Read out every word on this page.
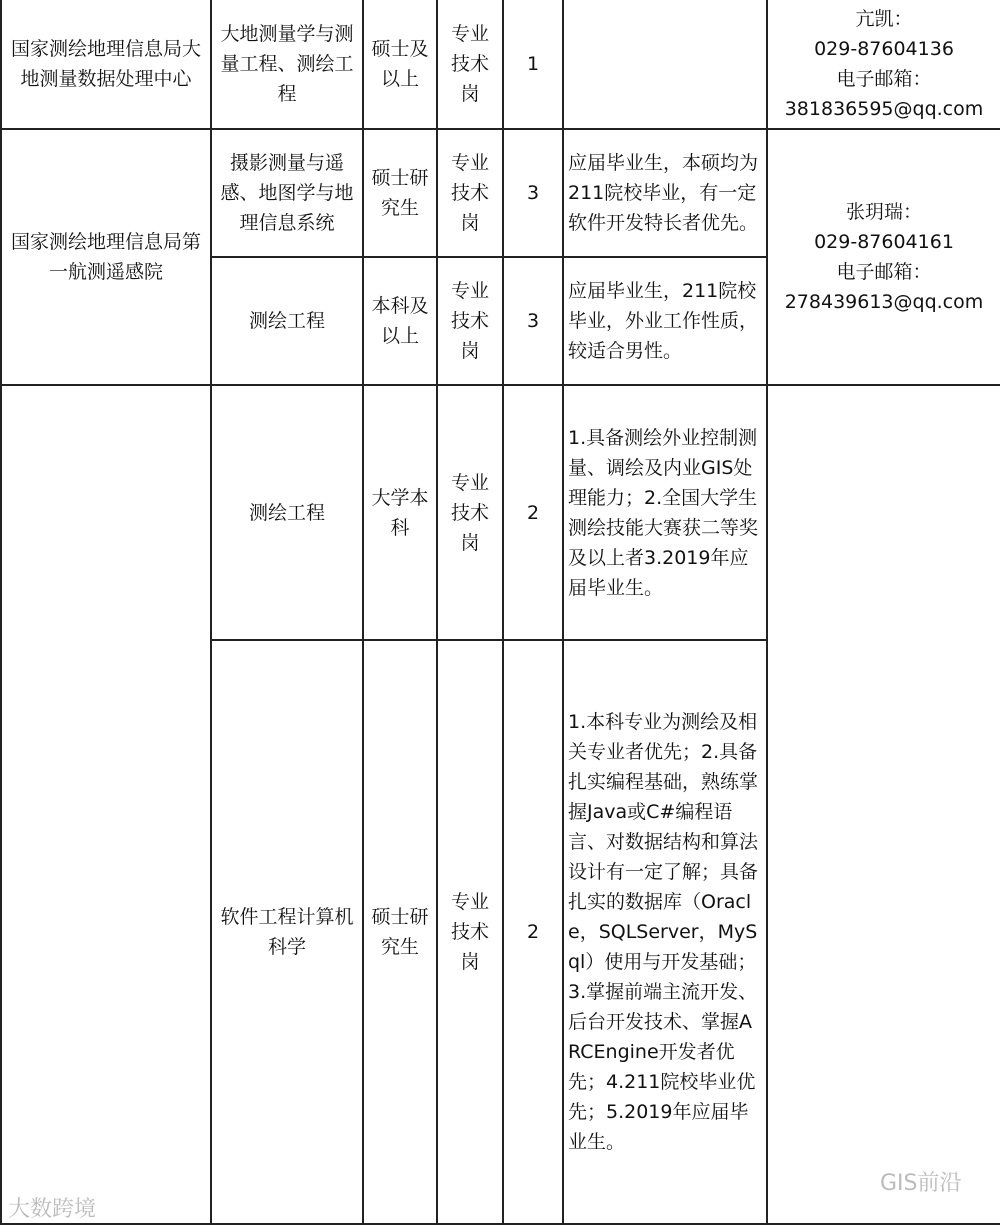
国家测绘地理信息局大地测量数据处理中心	大地测量学与测量工程、测绘工程	硕士及以上	专业技术岗	1		亢凯：
029-87604136
电子邮箱：
381836595@qq.com

国家测绘地理信息局第一航测遥感院	摄影测量与遥感、地图学与地理信息系统	硕士研究生	专业技术岗	3	应届毕业生，本硕均为211院校毕业，有一定软件开发特长者优先。	张玥瑞：
029-87604161
电子邮箱：
278439613@qq.com

	测绘工程	本科及以上	专业技术岗	3	应届毕业生，211院校毕业，外业工作性质，较适合男性。	
	测绘工程	大学本科	专业技术岗	2	1.具备测绘外业控制测量、调绘及内业GIS处理能力；2.全国大学生测绘技能大赛获二等奖及以上者3.2019年应届毕业生。	
	软件工程计算机科学	硕士研究生	专业技术岗	2	1.本科专业为测绘及相关专业者优先；2.具备扎实编程基础，熟练掌握Java或C#编程语言、对数据结构和算法设计有一定了解；具备扎实的数据库（Oracle，SQLServer，MySql）使用与开发基础；3.掌握前端主流开发、后台开发技术、掌握ARCEngine开发者优先；4.211院校毕业优先；5.2019年应届毕业生。	
大数跨境
GIS前沿
